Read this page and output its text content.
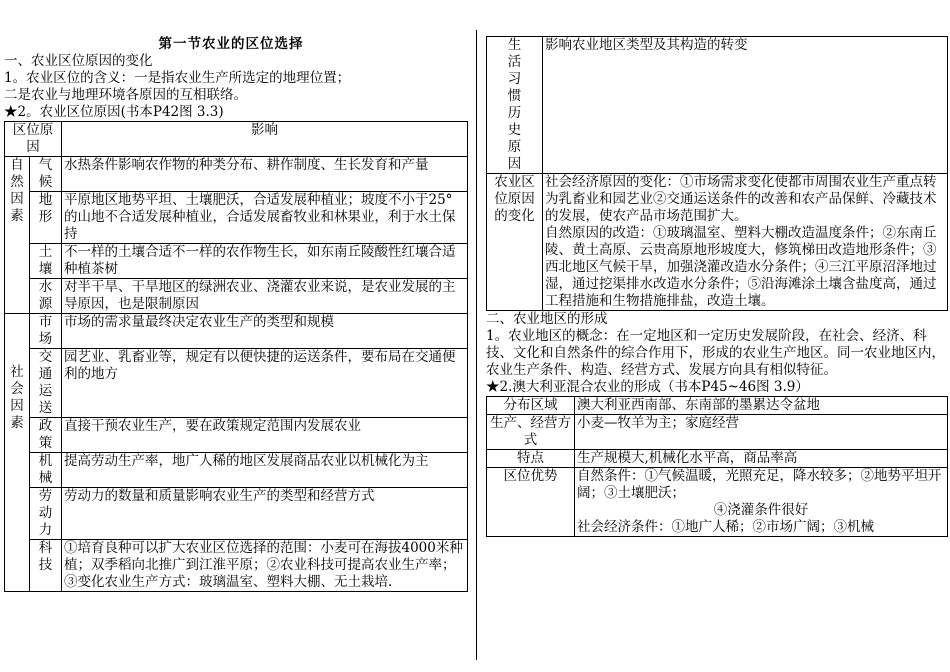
第一节农业的区位选择

一、农业区位原因的变化

1。农业区位的含义：一是指农业生产所选定的地理位置；

二是农业与地理环境各原因的互相联络。

★2。农业区位原因(书本P42图 3.3)

区位原因		影响
自然因素	气候	水热条件影响农作物的种类分布、耕作制度、生长发育和产量
	地形	平原地区地势平坦、土壤肥沃，合适发展种植业；坡度不小于25°的山地不合适发展种植业，合适发展畜牧业和林果业，利于水土保持
	土壤	不一样的土壤合适不一样的农作物生长，如东南丘陵酸性红壤合适种植茶树
	水源	对半干旱、干旱地区的绿洲农业、浇灌农业来说，是农业发展的主导原因，也是限制原因
社会因素	市场	市场的需求量最终决定农业生产的类型和规模
	交通运送	园艺业、乳畜业等，规定有以便快捷的运送条件，要布局在交通便利的地方
	政策	直接干预农业生产，要在政策规定范围内发展农业
	机械	提高劳动生产率，地广人稀的地区发展商品农业以机械化为主
	劳动力	劳动力的数量和质量影响农业生产的类型和经营方式
	科技	①培育良种可以扩大农业区位选择的范围：小麦可在海拔4000米种植；双季稻向北推广到江淮平原；②农业科技可提高农业生产率；③变化农业生产方式：玻璃温室、塑料大棚、无土栽培.
生活习惯历史原因	影响农业地区类型及其构造的转变
农业区位原因的变化	社会经济原因的变化：①市场需求变化使都市周围农业生产重点转为乳畜业和园艺业②交通运送条件的改善和农产品保鲜、冷藏技术的发展，使农产品市场范围扩大。

自然原因的改造：①玻璃温室、塑料大棚改造温度条件；②东南丘陵、黄土高原、云贵高原地形坡度大，修筑梯田改造地形条件；③西北地区气候干旱，加强浇灌改造水分条件；④三江平原沼泽地过湿，通过挖渠排水改造水分条件；⑤沿海滩涂土壤含盐度高，通过工程措施和生物措施排盐，改造土壤。

二、农业地区的形成

1。农业地区的概念：在一定地区和一定历史发展阶段，在社会、经济、科技、文化和自然条件的综合作用下，形成的农业生产地区。同一农业地区内，农业生产条件、构造、经营方式、发展方向具有相似特征。

★2.澳大利亚混合农业的形成（书本P45~46图 3.9）

分布区域	澳大利亚西南部、东南部的墨累达令盆地
生产、经营方式	小麦—牧羊为主；家庭经营
特点	生产规模大,机械化水平高，商品率高
区位优势	自然条件：①气候温暖，光照充足，降水较多；②地势平坦开阔；③土壤肥沃；

④浇灌条件很好

社会经济条件：①地广人稀；②市场广阔；③机械
